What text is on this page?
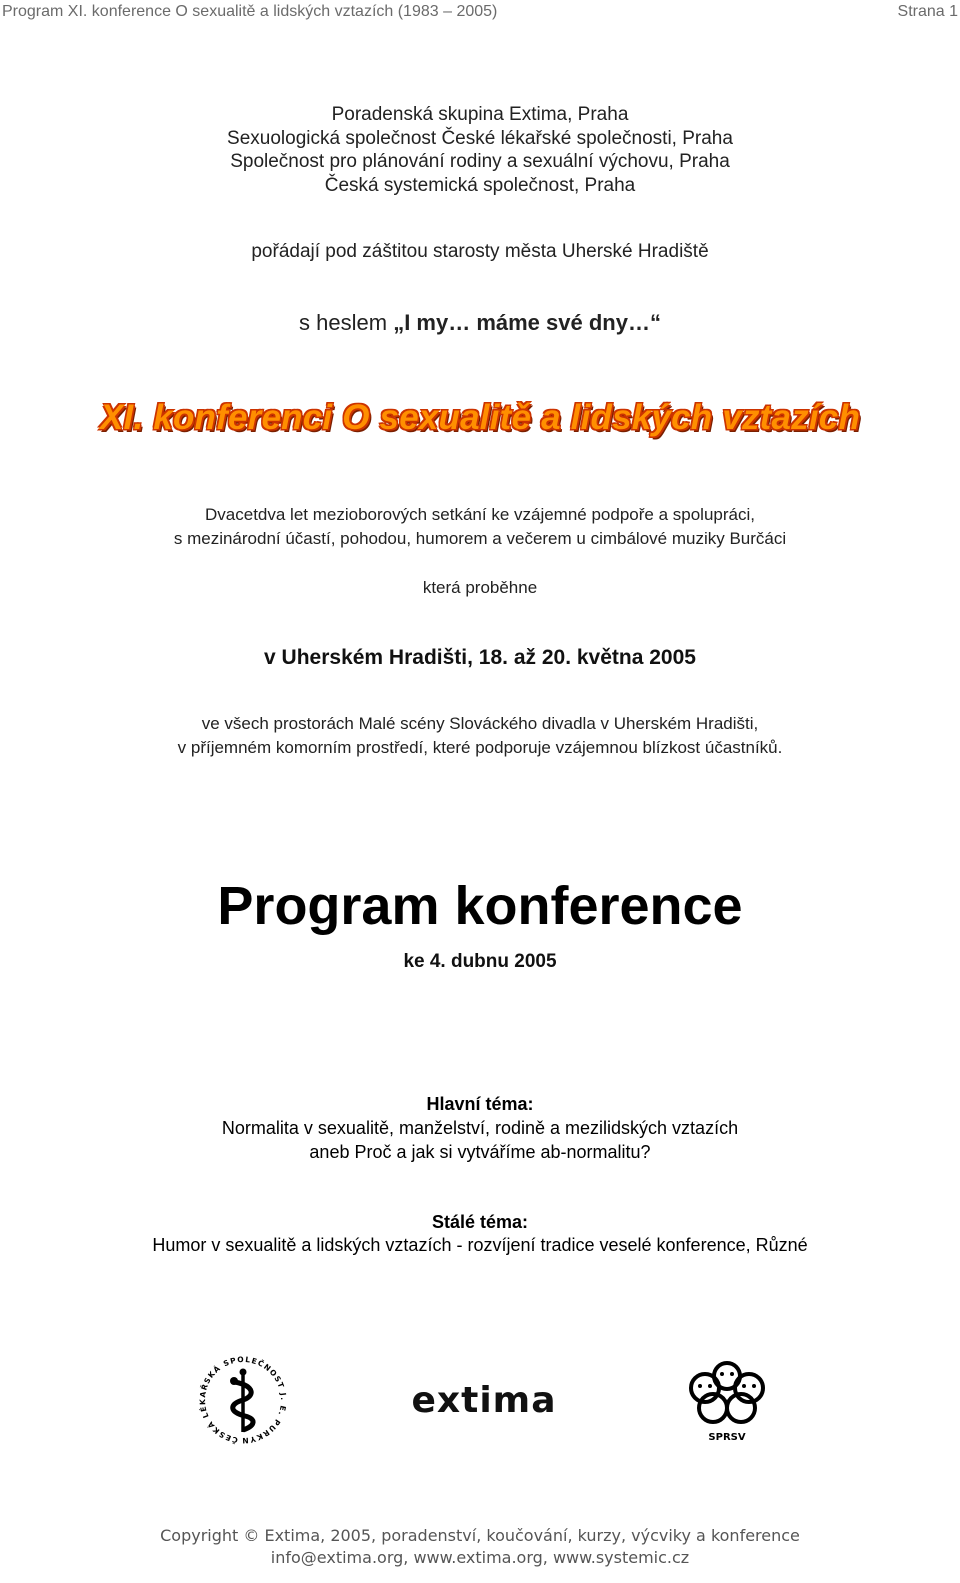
Program XI. konference O sexualitě a lidských vztazích (1983 – 2005)	Strana 1
Poradenská skupina Extima, Praha
Sexuologická společnost České lékařské společnosti, Praha
Společnost pro plánování rodiny a sexuální výchovu, Praha
Česká systemická společnost, Praha
pořádají pod záštitou starosty města Uherské Hradiště
s heslem „I my… máme své dny…“
XI. konferenci O sexualitě a lidských vztazích
Dvacetdva let mezioborových setkání ke vzájemné podpoře a spolupráci,
s mezinárodní účastí, pohodou, humorem a večerem u cimbálové muziky Burčáci
která proběhne
v Uherském Hradišti, 18. až 20. května 2005
ve všech prostorách Malé scény Slováckého divadla v Uherském Hradišti,
v příjemném komorním prostředí, které podporuje vzájemnou blízkost účastníků.
Program konference
ke 4. dubnu 2005
Hlavní téma:
Normalita v sexualitě, manželství, rodině a mezilidských vztazích
aneb Proč a jak si vytváříme ab-normalitu?
Stálé téma:
Humor v sexualitě a lidských vztazích - rozvíjení tradice veselé konference, Různé
ČESKÁ LÉKAŘSKÁ SPOLEČNOST J. E. PURKYN
extima
SPRSV
Copyright © Extima, 2005, poradenství, koučování, kurzy, výcviky a konference
info@extima.org, www.extima.org, www.systemic.cz
